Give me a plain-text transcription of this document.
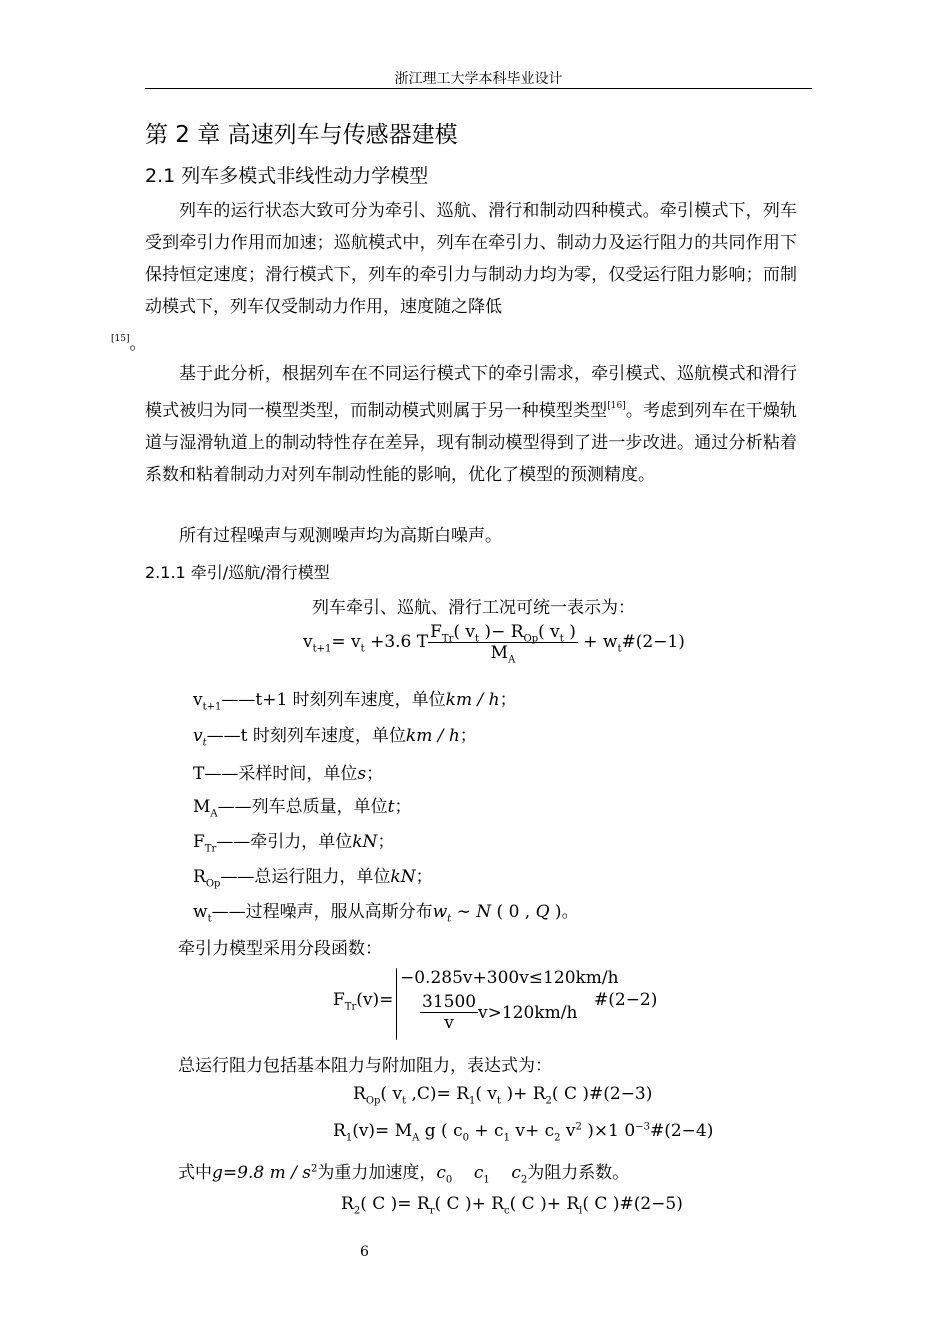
浙江理工大学本科毕业设计
第 2 章 高速列车与传感器建模
2.1 列车多模式非线性动力学模型
列车的运行状态大致可分为牵引、巡航、滑行和制动四种模式。牵引模式下，列车受到牵引力作用而加速；巡航模式中，列车在牵引力、制动力及运行阻力的共同作用下保持恒定速度；滑行模式下，列车的牵引力与制动力均为零，仅受运行阻力影响；而制动模式下，列车仅受制动力作用，速度随之降低
[15]。
基于此分析，根据列车在不同运行模式下的牵引需求，牵引模式、巡航模式和滑行模式被归为同一模型类型，而制动模式则属于另一种模型类型[16]。考虑到列车在干燥轨道与湿滑轨道上的制动特性存在差异，现有制动模型得到了进一步改进。通过分析粘着系数和粘着制动力对列车制动性能的影响，优化了模型的预测精度。
所有过程噪声与观测噪声均为高斯白噪声。
2.1.1 牵引/巡航/滑行模型
列车牵引、巡航、滑行工况可统一表示为：
$v_{t+1}= v_t +3.6$ T $\frac{F_{Tr}( v_t )- R_{Op}( v_t )}{M_A}$ + $w_t\#(2-1)$
$v_{t+1}——t+1$ 时刻列车速度，单位km / h；
$v_t——t$ 时刻列车速度，单位km / h；
T——采样时间，单位s；
$M_A——$列车总质量，单位t；
$F_{Tr}——$牵引力，单位kN；
$R_{Op}——$总运行阻力，单位kN；
$w_t——$过程噪声，服从高斯分布$w_t$ ∼ N ( 0 , Q )。
牵引力模型采用分段函数：
$F_{Tr}(v)=$
−0.285v+300v≤120km/h
31500
v	v>120km/h
#(2−2)
总运行阻力包括基本阻力与附加阻力，表达式为：
$R_{Op}$( $v_t$ $,C)= R_1$( $v_t$ )+ $R_2$( C )#(2−3)
$R_1(v)= M_A$ g ( $c_0 + c_1$ $v+ c_2$ $v^2$ )×1 $0^{-3}\#(2-4)$
式中g=9.8 m / $s^2$为重力加速度，$c_0$ $c_1$ $c_2$为阻力系数。
$R_2$( C )= $R_r$( C )+ $R_c$( C )+ $R_l$( C )#(2−5)
6
